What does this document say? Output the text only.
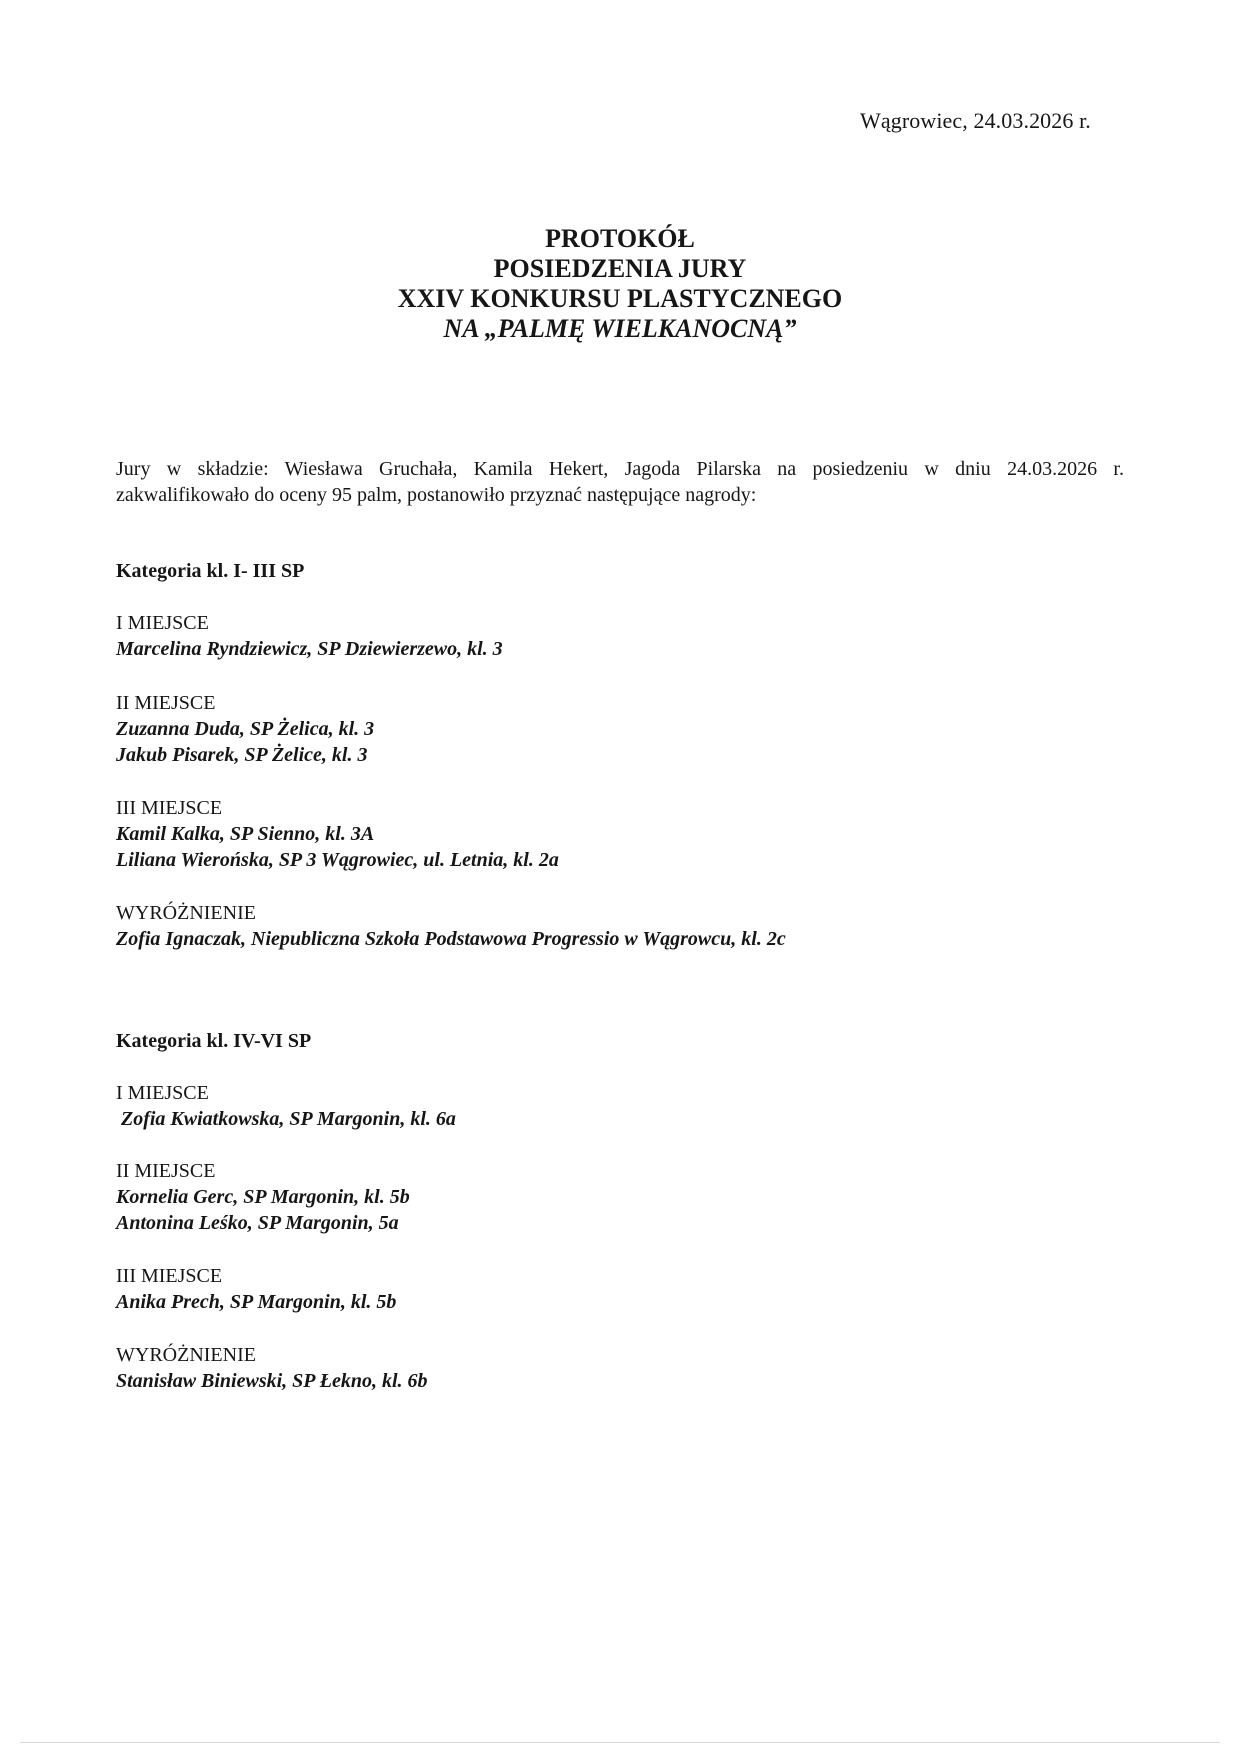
Wągrowiec, 24.03.2026 r.
PROTOKÓŁ
POSIEDZENIA JURY
XXIV KONKURSU PLASTYCZNEGO
NA „PALMĘ WIELKANOCNĄ”
Jury w składzie: Wiesława Gruchała, Kamila Hekert, Jagoda Pilarska na posiedzeniu w dniu 24.03.2026 r.
zakwalifikowało do oceny 95 palm, postanowiło przyznać następujące nagrody:
Kategoria kl. I- III SP
I MIEJSCE
Marcelina Ryndziewicz, SP Dziewierzewo, kl. 3
II MIEJSCE
Zuzanna Duda, SP Żelica, kl. 3
Jakub Pisarek, SP Żelice, kl. 3
III MIEJSCE
Kamil Kalka, SP Sienno, kl. 3A
Liliana Wierońska, SP 3 Wągrowiec, ul. Letnia, kl. 2a
WYRÓŻNIENIE
Zofia Ignaczak, Niepubliczna Szkoła Podstawowa Progressio w Wągrowcu, kl. 2c
Kategoria kl. IV-VI SP
I MIEJSCE
Zofia Kwiatkowska, SP Margonin, kl. 6a
II MIEJSCE
Kornelia Gerc, SP Margonin, kl. 5b
Antonina Leśko, SP Margonin, 5a
III MIEJSCE
Anika Prech, SP Margonin, kl. 5b
WYRÓŻNIENIE
Stanisław Biniewski, SP Łekno, kl. 6b
